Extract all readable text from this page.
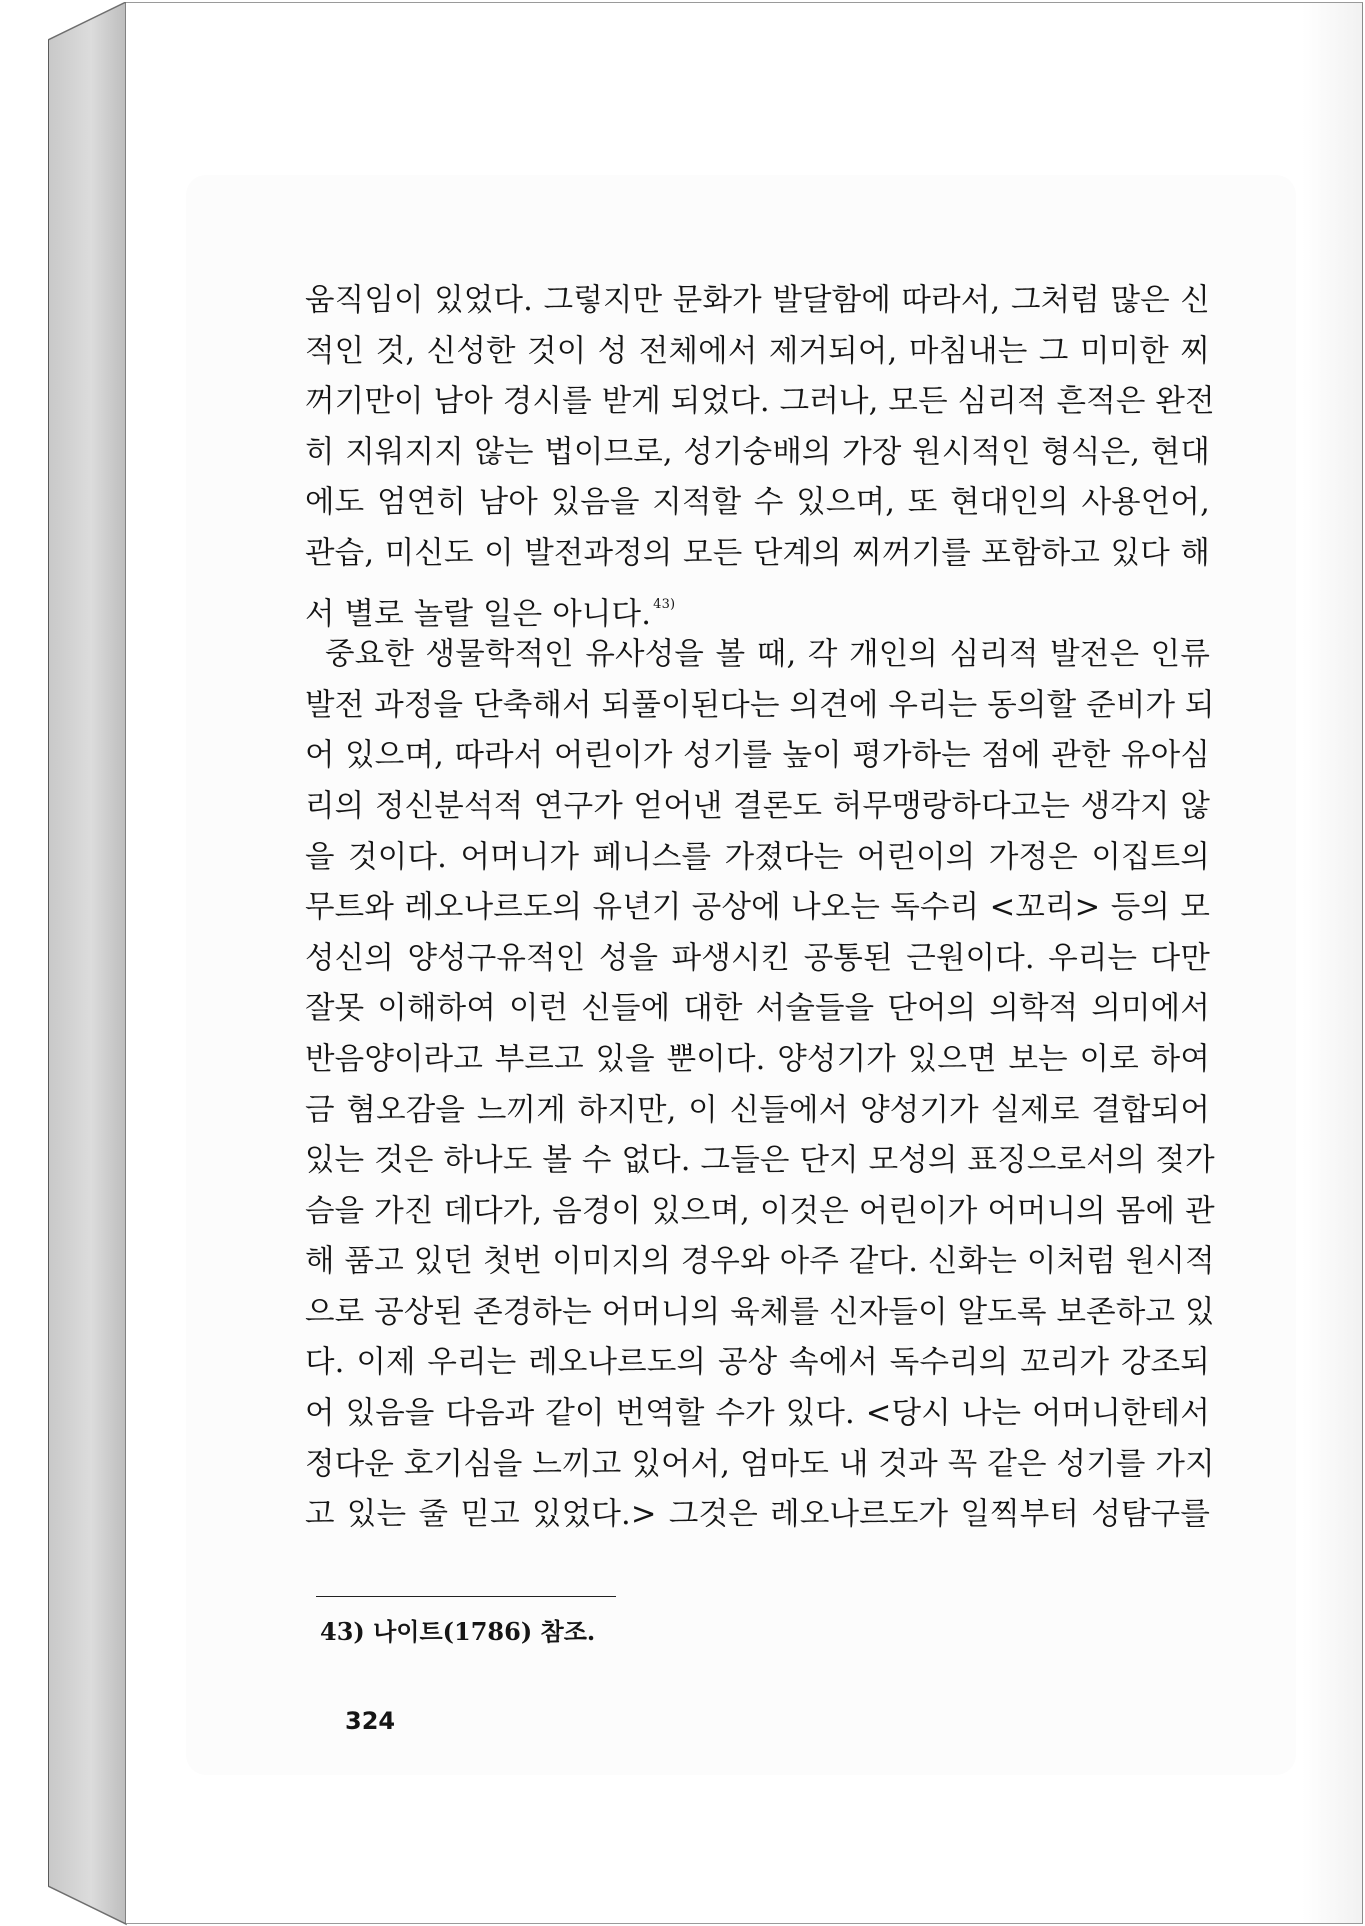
움직임이 있었다. 그렇지만 문화가 발달함에 따라서, 그처럼 많은 신
적인 것, 신성한 것이 성 전체에서 제거되어, 마침내는 그 미미한 찌
꺼기만이 남아 경시를 받게 되었다. 그러나, 모든 심리적 흔적은 완전
히 지워지지 않는 법이므로, 성기숭배의 가장 원시적인 형식은, 현대
에도 엄연히 남아 있음을 지적할 수 있으며, 또 현대인의 사용언어,
관습, 미신도 이 발전과정의 모든 단계의 찌꺼기를 포함하고 있다 해
서 별로 놀랄 일은 아니다. $^{43)}$
중요한 생물학적인 유사성을 볼 때, 각 개인의 심리적 발전은 인류
발전 과정을 단축해서 되풀이된다는 의견에 우리는 동의할 준비가 되
어 있으며, 따라서 어린이가 성기를 높이 평가하는 점에 관한 유아심
리의 정신분석적 연구가 얻어낸 결론도 허무맹랑하다고는 생각지 않
을 것이다. 어머니가 페니스를 가졌다는 어린이의 가정은 이집트의
무트와 레오나르도의 유년기 공상에 나오는 독수리 <꼬리> 등의 모
성신의 양성구유적인 성을 파생시킨 공통된 근원이다. 우리는 다만
잘못 이해하여 이런 신들에 대한 서술들을 단어의 의학적 의미에서
반음양이라고 부르고 있을 뿐이다. 양성기가 있으면 보는 이로 하여
금 혐오감을 느끼게 하지만, 이 신들에서 양성기가 실제로 결합되어
있는 것은 하나도 볼 수 없다. 그들은 단지 모성의 표징으로서의 젖가
슴을 가진 데다가, 음경이 있으며, 이것은 어린이가 어머니의 몸에 관
해 품고 있던 첫번 이미지의 경우와 아주 같다. 신화는 이처럼 원시적
으로 공상된 존경하는 어머니의 육체를 신자들이 알도록 보존하고 있
다. 이제 우리는 레오나르도의 공상 속에서 독수리의 꼬리가 강조되
어 있음을 다음과 같이 번역할 수가 있다. <당시 나는 어머니한테서
정다운 호기심을 느끼고 있어서, 엄마도 내 것과 꼭 같은 성기를 가지
고 있는 줄 믿고 있었다.> 그것은 레오나르도가 일찍부터 성탐구를
43) 나이트(1786) 참조.
324
